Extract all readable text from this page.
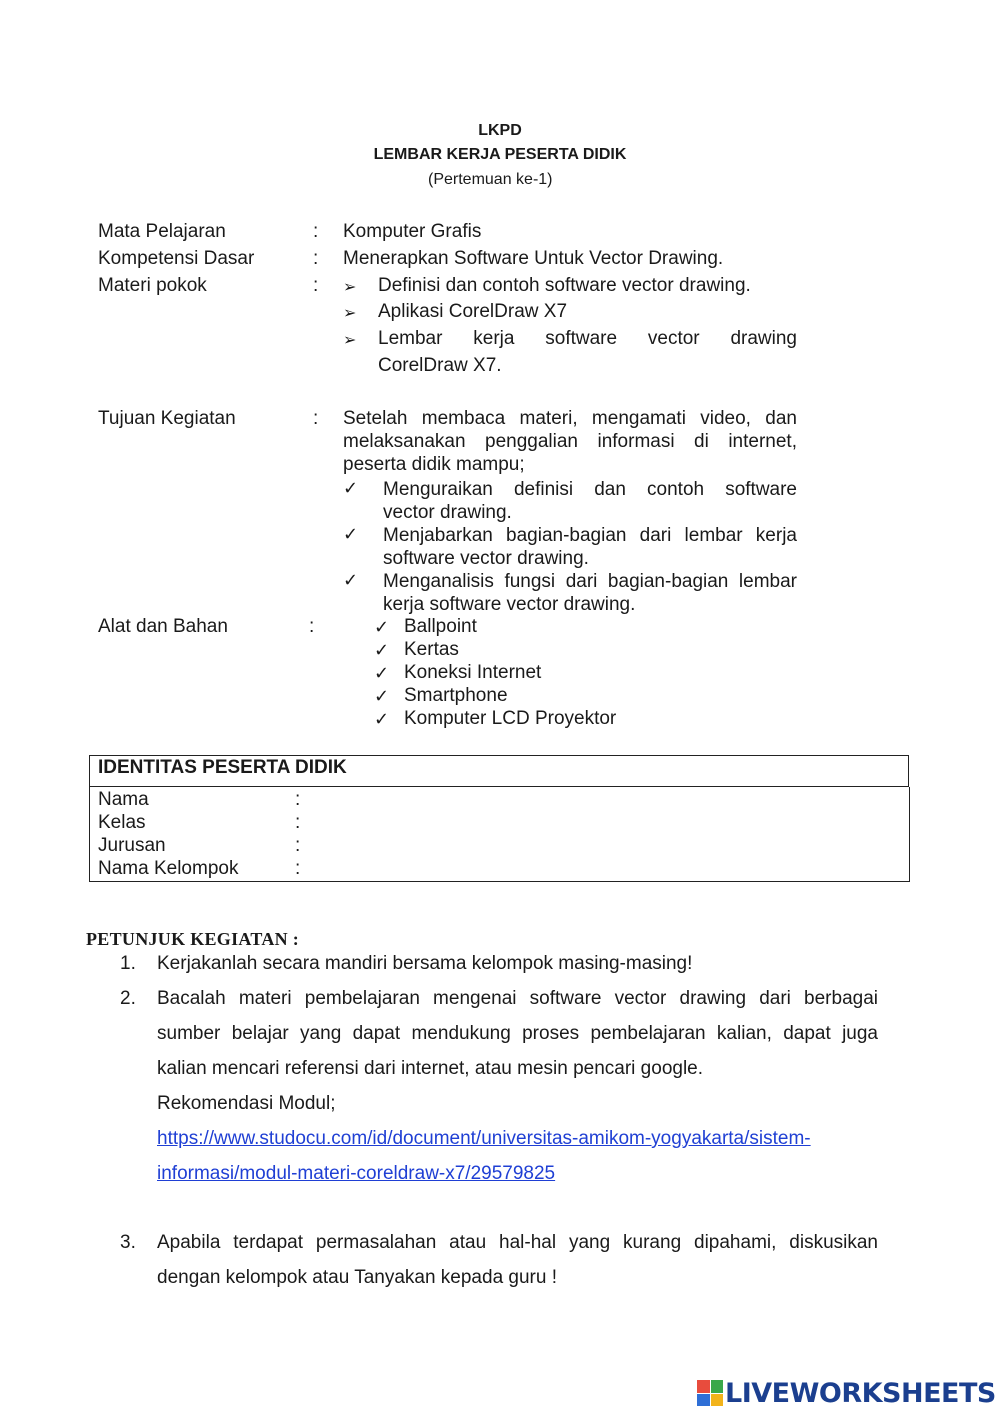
LKPD
LEMBAR KERJA PESERTA DIDIK
(Pertemuan ke-1)
Mata Pelajaran	: Komputer Grafis
Kompetensi Dasar	: Menerapkan Software Untuk Vector Drawing.
Materi pokok	: ➢ Definisi dan contoh software vector drawing.
➢ Aplikasi CorelDraw X7
➢ Lembar kerja software vector drawing
CorelDraw X7.
Tujuan Kegiatan	: Setelah membaca materi, mengamati video, dan
melaksanakan penggalian informasi di internet,
peserta didik mampu;
✓ Menguraikan definisi dan contoh software
vector drawing.
✓ Menjabarkan bagian-bagian dari lembar kerja
software vector drawing.
✓ Menganalisis fungsi dari bagian-bagian lembar
kerja software vector drawing.
Alat dan Bahan	:	✓ Ballpoint
✓ Kertas
✓ Koneksi Internet
✓ Smartphone
✓ Komputer LCD Proyektor
IDENTITAS PESERTA DIDIK
Nama	:
Kelas	:
Jurusan	:
Nama Kelompok	:
PETUNJUK KEGIATAN :
1. Kerjakanlah secara mandiri bersama kelompok masing-masing!
2. Bacalah materi pembelajaran mengenai software vector drawing dari berbagai
sumber belajar yang dapat mendukung proses pembelajaran kalian, dapat juga
kalian mencari referensi dari internet, atau mesin pencari google.
Rekomendasi Modul;
https://www.studocu.com/id/document/universitas-amikom-yogyakarta/sistem-
informasi/modul-materi-coreldraw-x7/29579825
3. Apabila terdapat permasalahan atau hal-hal yang kurang dipahami, diskusikan
dengan kelompok atau Tanyakan kepada guru !
LIVEWORKSHEETS
